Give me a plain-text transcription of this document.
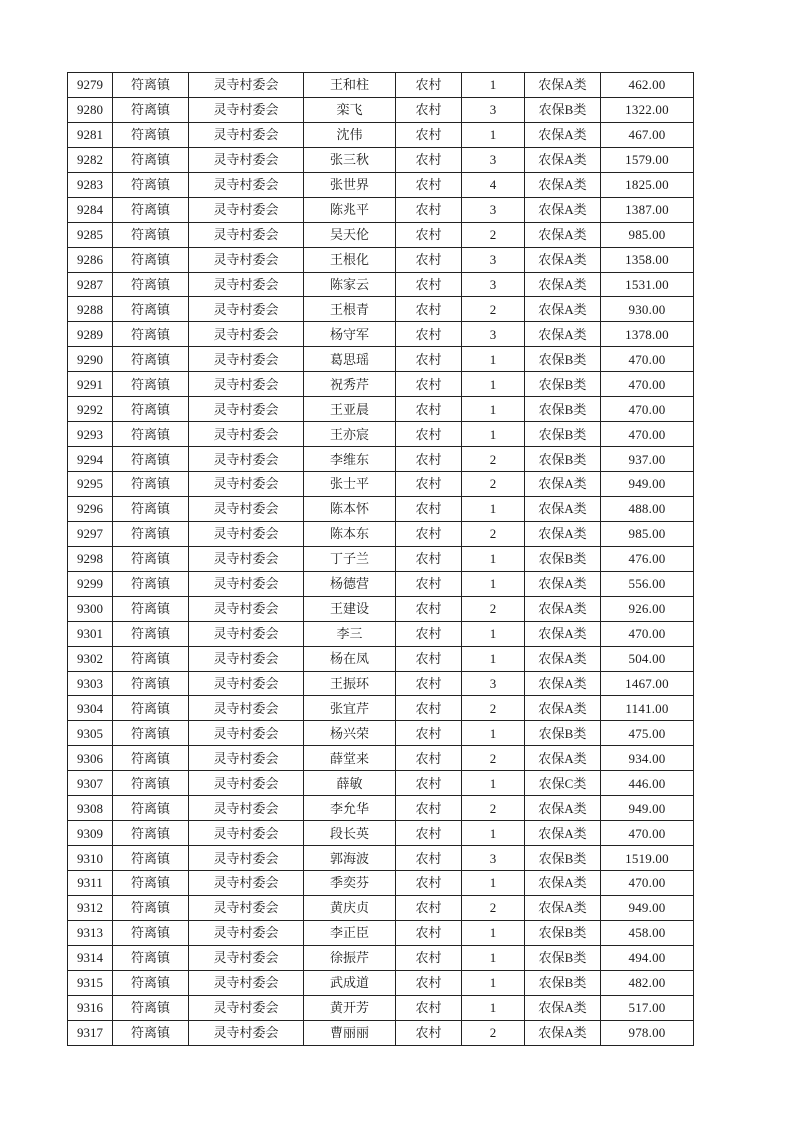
9279	符离镇	灵寺村委会	王和柱	农村	1	农保A类	462.00
9280	符离镇	灵寺村委会	栾飞	农村	3	农保B类	1322.00
9281	符离镇	灵寺村委会	沈伟	农村	1	农保A类	467.00
9282	符离镇	灵寺村委会	张三秋	农村	3	农保A类	1579.00
9283	符离镇	灵寺村委会	张世界	农村	4	农保A类	1825.00
9284	符离镇	灵寺村委会	陈兆平	农村	3	农保A类	1387.00
9285	符离镇	灵寺村委会	吴天伦	农村	2	农保A类	985.00
9286	符离镇	灵寺村委会	王根化	农村	3	农保A类	1358.00
9287	符离镇	灵寺村委会	陈家云	农村	3	农保A类	1531.00
9288	符离镇	灵寺村委会	王根青	农村	2	农保A类	930.00
9289	符离镇	灵寺村委会	杨守军	农村	3	农保A类	1378.00
9290	符离镇	灵寺村委会	葛思瑶	农村	1	农保B类	470.00
9291	符离镇	灵寺村委会	祝秀芹	农村	1	农保B类	470.00
9292	符离镇	灵寺村委会	王亚晨	农村	1	农保B类	470.00
9293	符离镇	灵寺村委会	王亦宸	农村	1	农保B类	470.00
9294	符离镇	灵寺村委会	李维东	农村	2	农保B类	937.00
9295	符离镇	灵寺村委会	张士平	农村	2	农保A类	949.00
9296	符离镇	灵寺村委会	陈本怀	农村	1	农保A类	488.00
9297	符离镇	灵寺村委会	陈本东	农村	2	农保A类	985.00
9298	符离镇	灵寺村委会	丁子兰	农村	1	农保B类	476.00
9299	符离镇	灵寺村委会	杨德营	农村	1	农保A类	556.00
9300	符离镇	灵寺村委会	王建设	农村	2	农保A类	926.00
9301	符离镇	灵寺村委会	李三	农村	1	农保A类	470.00
9302	符离镇	灵寺村委会	杨在凤	农村	1	农保A类	504.00
9303	符离镇	灵寺村委会	王振环	农村	3	农保A类	1467.00
9304	符离镇	灵寺村委会	张宜芹	农村	2	农保A类	1141.00
9305	符离镇	灵寺村委会	杨兴荣	农村	1	农保B类	475.00
9306	符离镇	灵寺村委会	薛堂来	农村	2	农保A类	934.00
9307	符离镇	灵寺村委会	薛敏	农村	1	农保C类	446.00
9308	符离镇	灵寺村委会	李允华	农村	2	农保A类	949.00
9309	符离镇	灵寺村委会	段长英	农村	1	农保A类	470.00
9310	符离镇	灵寺村委会	郭海波	农村	3	农保B类	1519.00
9311	符离镇	灵寺村委会	季奕芬	农村	1	农保A类	470.00
9312	符离镇	灵寺村委会	黄庆贞	农村	2	农保A类	949.00
9313	符离镇	灵寺村委会	李正臣	农村	1	农保B类	458.00
9314	符离镇	灵寺村委会	徐振芹	农村	1	农保B类	494.00
9315	符离镇	灵寺村委会	武成道	农村	1	农保B类	482.00
9316	符离镇	灵寺村委会	黄开芳	农村	1	农保A类	517.00
9317	符离镇	灵寺村委会	曹丽丽	农村	2	农保A类	978.00
